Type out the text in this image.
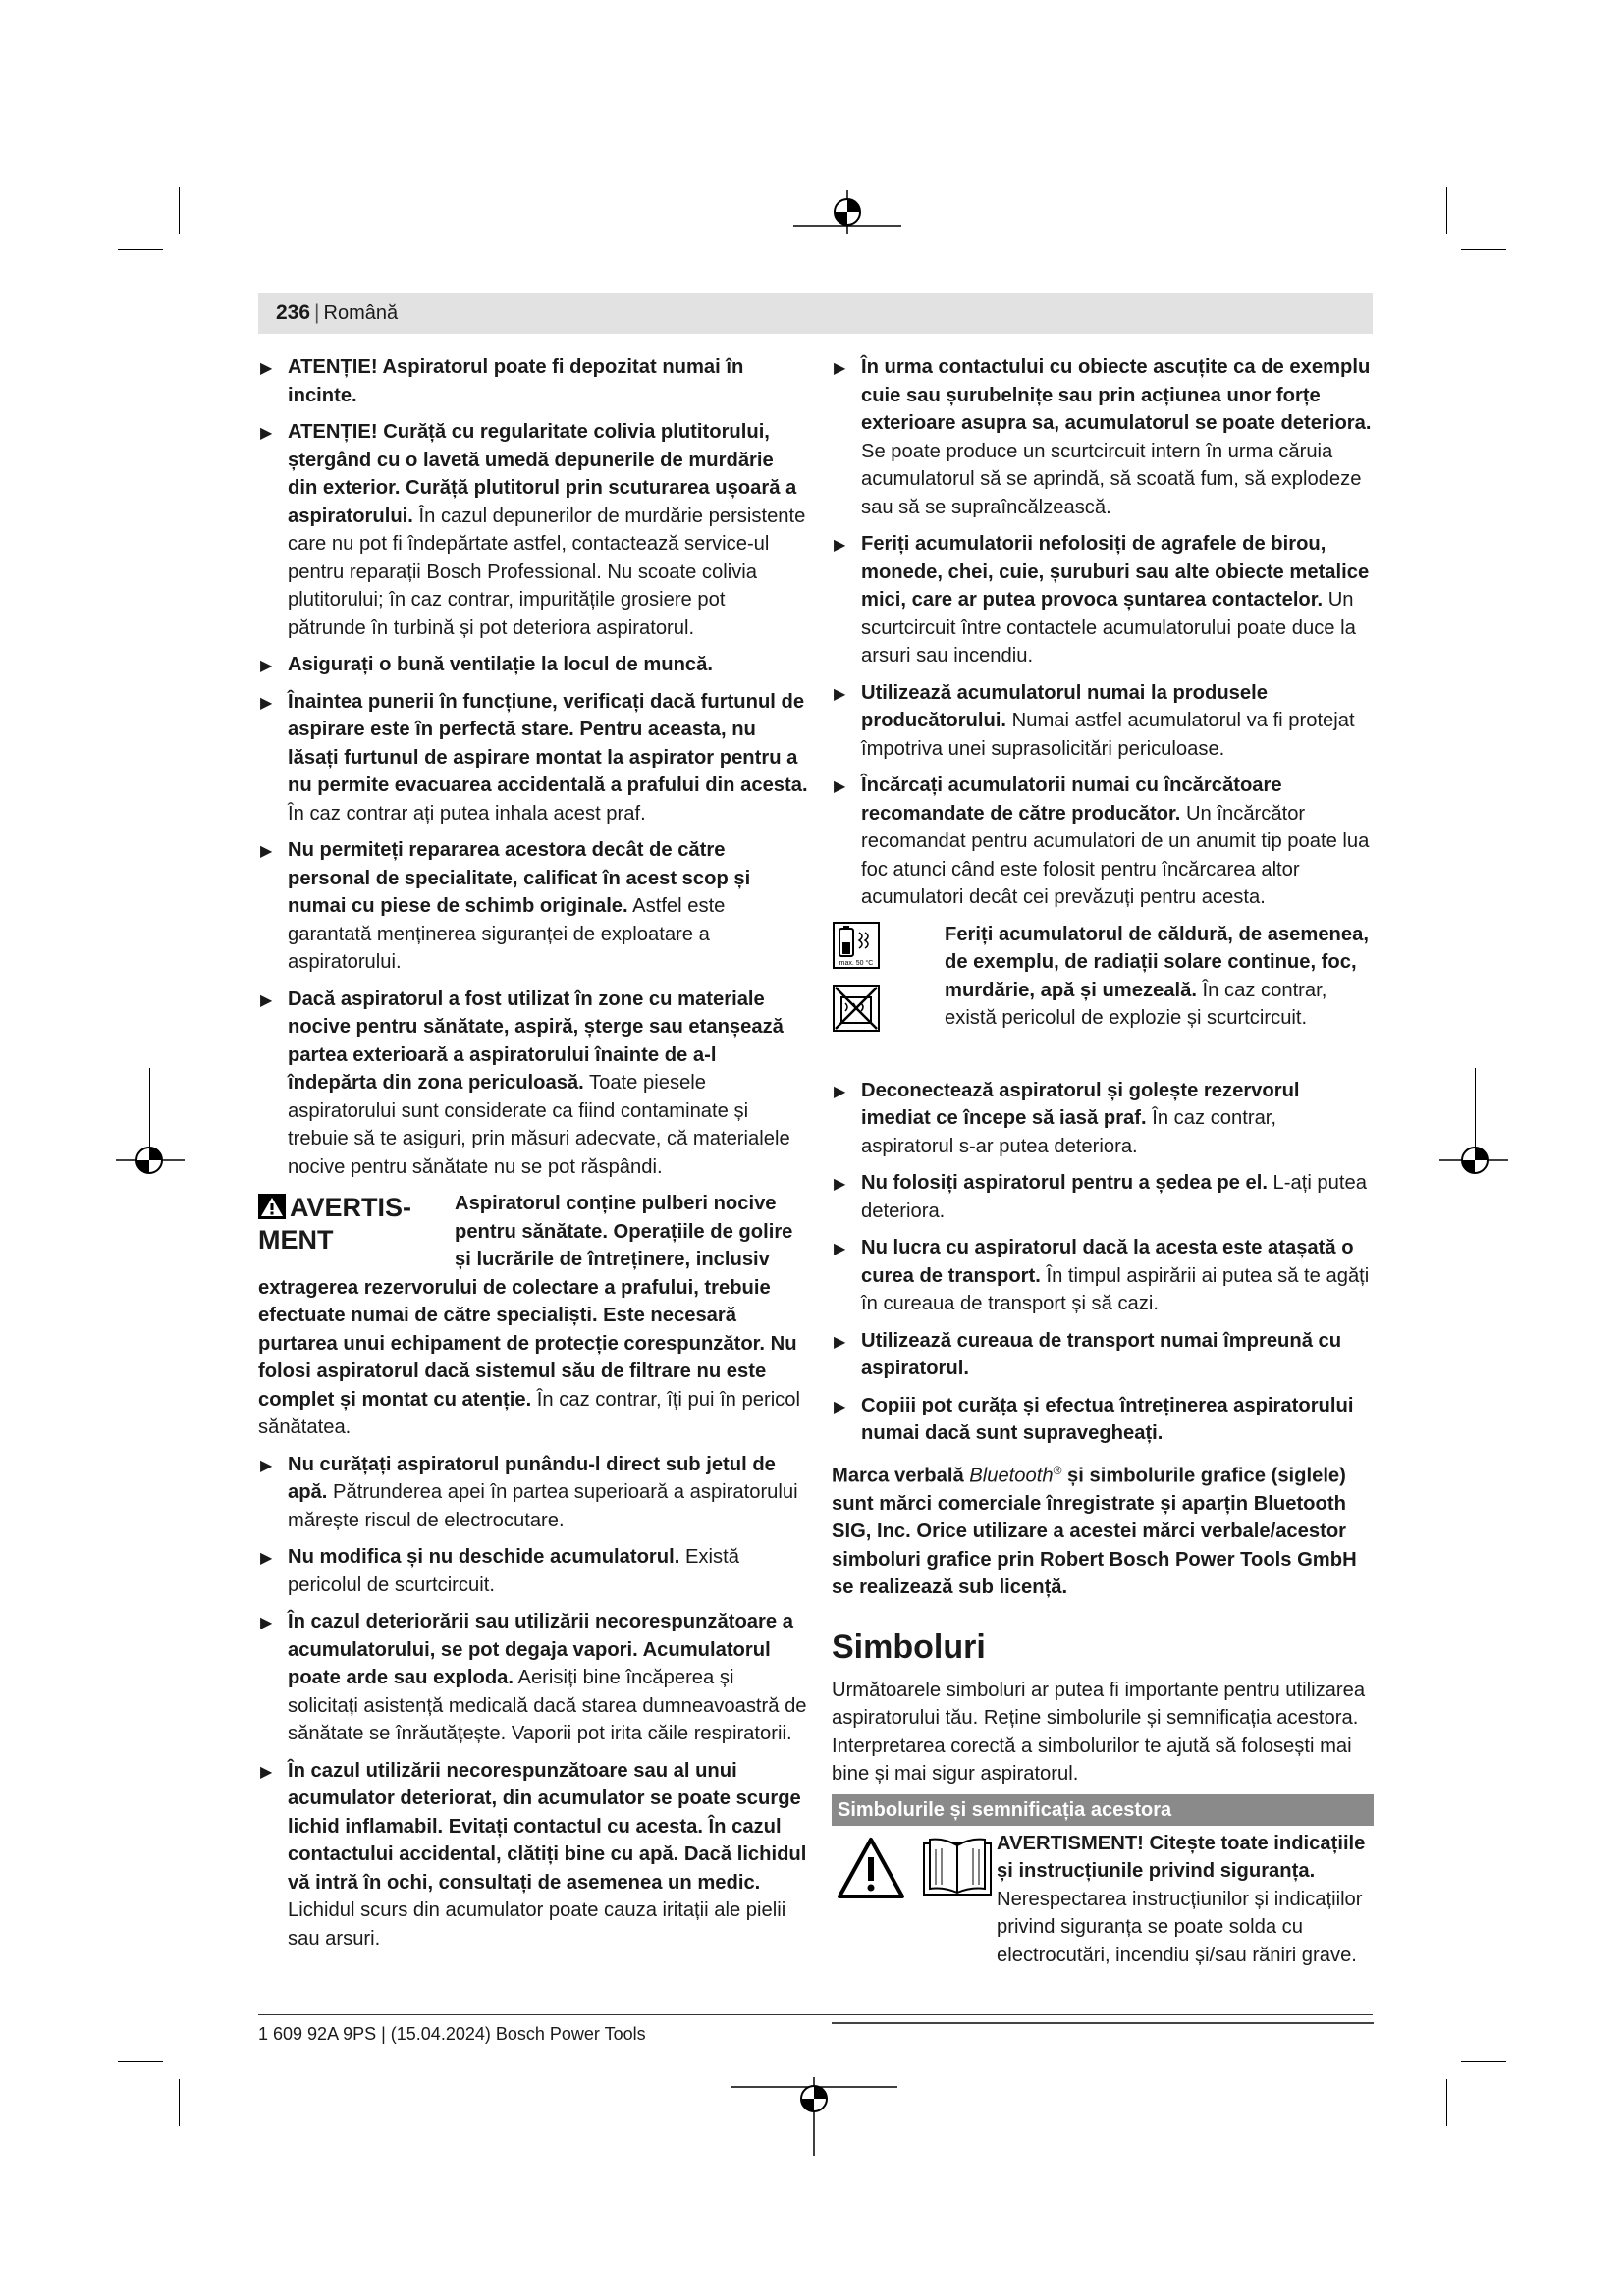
236 | Română
▶ ATENȚIE! Aspiratorul poate fi depozitat numai în incinte.
▶ ATENȚIE! Curăță cu regularitate colivia plutitorului, ștergând cu o lavetă umedă depunerile de murdărie din exterior. Curăță plutitorul prin scuturarea ușoară a aspiratorului. În cazul depunerilor de murdărie persistente care nu pot fi îndepărtate astfel, contactează service-ul pentru reparații Bosch Professional. Nu scoate colivia plutitorului; în caz contrar, impuritățile grosiere pot pătrunde în turbină și pot deteriora aspiratorul.
▶ Asigurați o bună ventilație la locul de muncă.
▶ Înaintea punerii în funcțiune, verificați dacă furtunul de aspirare este în perfectă stare. Pentru aceasta, nu lăsați furtunul de aspirare montat la aspirator pentru a nu permite evacuarea accidentală a prafului din acesta. În caz contrar ați putea inhala acest praf.
▶ Nu permiteți repararea acestora decât de către personal de specialitate, calificat în acest scop și numai cu piese de schimb originale. Astfel este garantată menținerea siguranței de exploatare a aspiratorului.
▶ Dacă aspiratorul a fost utilizat în zone cu materiale nocive pentru sănătate, aspiră, șterge sau etanșează partea exterioară a aspiratorului înainte de a-l îndepărta din zona periculoasă. Toate piesele aspiratorului sunt considerate ca fiind contaminate și trebuie să te asiguri, prin măsuri adecvate, că materialele nocive pentru sănătate nu se pot răspândi.
AVERTIS-MENT
Aspiratorul conține pulberi nocive pentru sănătate. Operațiile de golire și lucrările de întreținere, inclusiv extragerea rezervorului de colectare a prafului, trebuie efectuate numai de către specialiști. Este necesară purtarea unui echipament de protecție corespunzător. Nu folosi aspiratorul dacă sistemul său de filtrare nu este complet și montat cu atenție. În caz contrar, îți pui în pericol sănătatea.
▶ Nu curățați aspiratorul punându-l direct sub jetul de apă. Pătrunderea apei în partea superioară a aspiratorului mărește riscul de electrocutare.
▶ Nu modifica și nu deschide acumulatorul. Există pericolul de scurtcircuit.
▶ În cazul deteriorării sau utilizării necorespunzătoare a acumulatorului, se pot degaja vapori. Acumulatorul poate arde sau exploda. Aerisiți bine încăperea și solicitați asistență medicală dacă starea dumneavoastră de sănătate se înrăutățește. Vaporii pot irita căile respiratorii.
▶ În cazul utilizării necorespunzătoare sau al unui acumulator deteriorat, din acumulator se poate scurge lichid inflamabil. Evitați contactul cu acesta. În cazul contactului accidental, clătiți bine cu apă. Dacă lichidul vă intră în ochi, consultați de asemenea un medic. Lichidul scurs din acumulator poate cauza iritații ale pielii sau arsuri.
▶ În urma contactului cu obiecte ascuțite ca de exemplu cuie sau șurubelnițe sau prin acțiunea unor forțe exterioare asupra sa, acumulatorul se poate deteriora. Se poate produce un scurtcircuit intern în urma căruia acumulatorul să se aprindă, să scoată fum, să explodeze sau să se supraîncălzească.
▶ Feriți acumulatorii nefolosiți de agrafele de birou, monede, chei, cuie, șuruburi sau alte obiecte metalice mici, care ar putea provoca șuntarea contactelor. Un scurtcircuit între contactele acumulatorului poate duce la arsuri sau incendiu.
▶ Utilizează acumulatorul numai la produsele producătorului. Numai astfel acumulatorul va fi protejat împotriva unei suprasolicitări periculoase.
▶ Încărcați acumulatorii numai cu încărcătoare recomandate de către producător. Un încărcător recomandat pentru acumulatori de un anumit tip poate lua foc atunci când este folosit pentru încărcarea altor acumulatori decât cei prevăzuți pentru acesta.
max. 50 °C
Feriți acumulatorul de căldură, de asemenea, de exemplu, de radiații solare continue, foc, murdărie, apă și umezeală. În caz contrar, există pericolul de explozie și scurtcircuit.
▶ Deconectează aspiratorul și golește rezervorul imediat ce începe să iasă praf. În caz contrar, aspiratorul s-ar putea deteriora.
▶ Nu folosiți aspiratorul pentru a ședea pe el. L-ați putea deteriora.
▶ Nu lucra cu aspiratorul dacă la acesta este atașată o curea de transport. În timpul aspirării ai putea să te agăți în cureaua de transport și să cazi.
▶ Utilizează cureaua de transport numai împreună cu aspiratorul.
▶ Copiii pot curăța și efectua întreținerea aspiratorului numai dacă sunt supravegheați.
Marca verbală Bluetooth® și simbolurile grafice (siglele) sunt mărci comerciale înregistrate și aparțin Bluetooth SIG, Inc. Orice utilizare a acestei mărci verbale/acestor simboluri grafice prin Robert Bosch Power Tools GmbH se realizează sub licență.
Simboluri
Următoarele simboluri ar putea fi importante pentru utilizarea aspiratorului tău. Reține simbolurile și semnificația acestora. Interpretarea corectă a simbolurilor te ajută să folosești mai bine și mai sigur aspiratorul.
Simbolurile și semnificația acestora

AVERTISMENT! Citește toate indicațiile și instrucțiunile privind siguranța. Nerespectarea instrucțiunilor și indicațiilor privind siguranța se poate solda cu electrocutări, incendiu și/sau răniri grave.
1 609 92A 9PS | (15.04.2024) Bosch Power Tools
